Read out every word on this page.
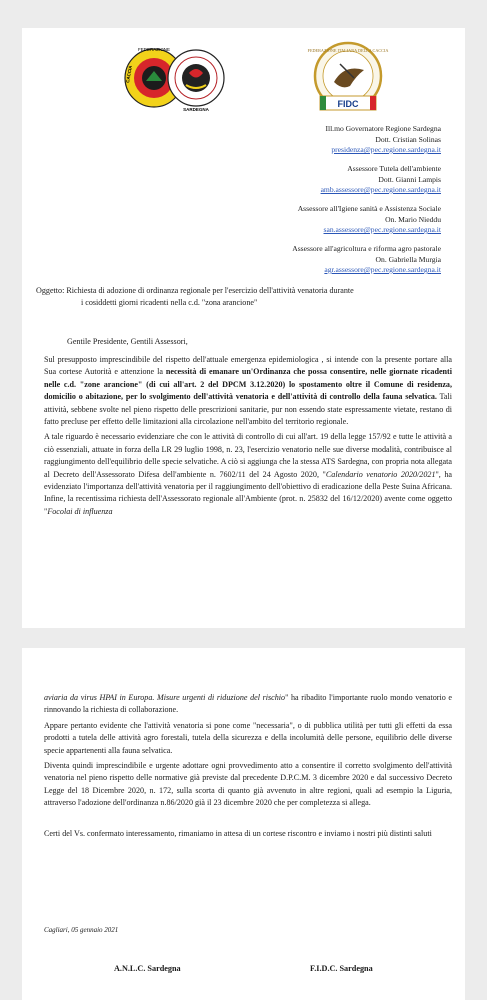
FEDERAZIONE
CACCIA
SARDEGNA
FEDERAZIONE ITALIANA DELLA CACCIA
FIDC
Ill.mo Governatore Regione Sardegna
Dott. Cristian Solinas
presidenza@pec.regione.sardegna.it
Assessore Tutela dell'ambiente
Dott. Gianni Lampis
amb.assessore@pec.regione.sardegna.it
Assessore all'Igiene sanità e Assistenza Sociale
On. Mario Nieddu
san.assessore@pec.regione.sardegna.it
Assessore all'agricoltura e riforma agro pastorale
On. Gabriella Murgia
agr.assessore@pec.regione.sardegna.it
Oggetto: Richiesta di adozione di ordinanza regionale per l'esercizio dell'attività venatoria durante
i cosiddetti giorni ricadenti nella c.d. "zona arancione"
Gentile Presidente, Gentili Assessori,

Sul presupposto imprescindibile del rispetto dell'attuale emergenza epidemiologica , si intende con la presente portare alla Sua cortese Autorità e attenzione la necessità di emanare un'Ordinanza che possa consentire, nelle giornate ricadenti nelle c.d. "zone arancione" (di cui all'art. 2 del DPCM 3.12.2020) lo spostamento oltre il Comune di residenza, domicilio o abitazione, per lo svolgimento dell'attività venatoria e dell'attività di controllo della fauna selvatica. Tali attività, sebbene svolte nel pieno rispetto delle prescrizioni sanitarie, pur non essendo state espressamente vietate, restano di fatto precluse per effetto delle limitazioni alla circolazione nell'ambito del territorio regionale.

A tale riguardo è necessario evidenziare che con le attività di controllo di cui all'art. 19 della legge 157/92 e tutte le attività a ciò essenziali, attuate in forza della LR 29 luglio 1998, n. 23, l'esercizio venatorio nelle sue diverse modalità, contribuisce al raggiungimento dell'equilibrio delle specie selvatiche. A ciò si aggiunga che la stessa ATS Sardegna, con propria nota allegata al Decreto dell'Assessorato Difesa dell'ambiente n. 7602/11 del 24 Agosto 2020, "Calendario venatorio 2020/2021", ha evidenziato l'importanza dell'attività venatoria per il raggiungimento dell'obiettivo di eradicazione della Peste Suina Africana. Infine, la recentissima richiesta dell'Assessorato regionale all'Ambiente (prot. n. 25832 del 16/12/2020) avente come oggetto "Focolai di influenza

aviaria da virus HPAI in Europa. Misure urgenti di riduzione del rischio" ha ribadito l'importante ruolo mondo venatorio e rinnovando la richiesta di collaborazione.

Appare pertanto evidente che l'attività venatoria si pone come "necessaria", o di pubblica utilità per tutti gli effetti da essa prodotti a tutela delle attività agro forestali, tutela della sicurezza e della incolumità delle persone, equilibrio delle diverse specie appartenenti alla fauna selvatica.

Diventa quindi imprescindibile e urgente adottare ogni provvedimento atto a consentire il corretto svolgimento dell'attività venatoria nel pieno rispetto delle normative già previste dal precedente D.P.C.M. 3 dicembre 2020 e dal successivo Decreto Legge del 18 Dicembre 2020, n. 172, sulla scorta di quanto già avvenuto in altre regioni, quali ad esempio la Liguria, attraverso l'adozione dell'ordinanza n.86/2020 già il 23 dicembre 2020 che per completezza si allega.

Certi del Vs. confermato interessamento, rimaniamo in attesa di un cortese riscontro e inviamo i nostri più distinti saluti

Cagliari, 05 gennaio 2021
A.N.L.C. Sardegna	F.I.D.C. Sardegna
